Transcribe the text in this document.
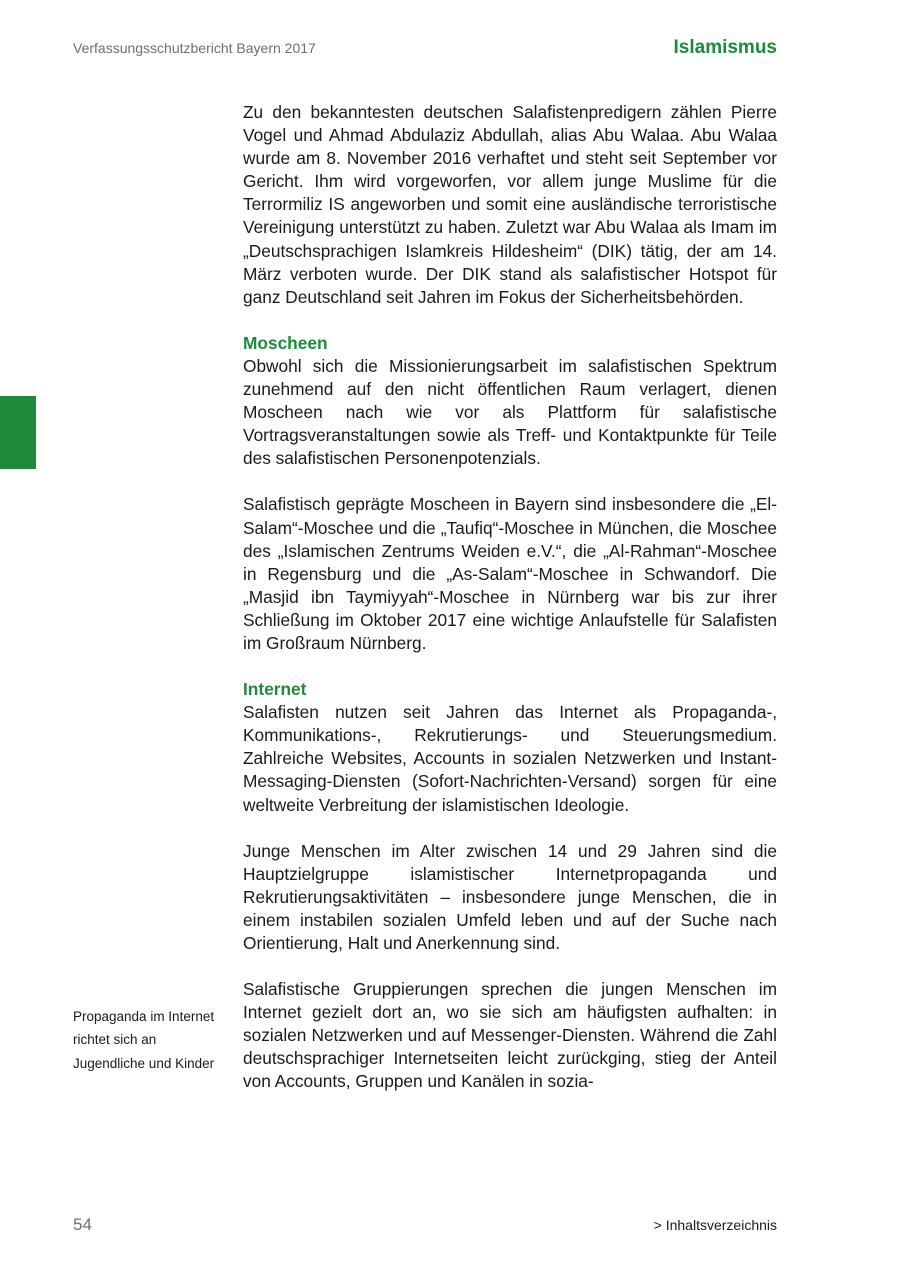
Verfassungsschutzbericht Bayern 2017	Islamismus

Zu den bekanntesten deutschen Salafistenpredigern zählen Pierre Vogel und Ahmad Abdulaziz Abdullah, alias Abu Walaa. Abu Walaa wurde am 8. November 2016 verhaftet und steht seit September vor Gericht. Ihm wird vorgeworfen, vor allem junge Muslime für die Terrormiliz IS angeworben und somit eine ausländische terroristische Vereinigung unterstützt zu haben. Zuletzt war Abu Walaa als Imam im „Deutschsprachigen Islamkreis Hildesheim“ (DIK) tätig, der am 14. März verboten wurde. Der DIK stand als salafistischer Hotspot für ganz Deutschland seit Jahren im Fokus der Sicherheitsbehörden.

Moscheen

Obwohl sich die Missionierungsarbeit im salafistischen Spektrum zunehmend auf den nicht öffentlichen Raum verlagert, dienen Moscheen nach wie vor als Plattform für salafistische Vortragsveranstaltungen sowie als Treff- und Kontaktpunkte für Teile des salafistischen Personenpotenzials.

Salafistisch geprägte Moscheen in Bayern sind insbesondere die „El-Salam“-Moschee und die „Taufiq“-Moschee in München, die Moschee des „Islamischen Zentrums Weiden e.V.“, die „Al-Rahman“-Moschee in Regensburg und die „As-Salam“-Moschee in Schwandorf. Die „Masjid ibn Taymiyyah“-Moschee in Nürnberg war bis zur ihrer Schließung im Oktober 2017 eine wichtige Anlaufstelle für Salafisten im Großraum Nürnberg.

Internet

Salafisten nutzen seit Jahren das Internet als Propaganda-, Kommunikations-, Rekrutierungs- und Steuerungsmedium. Zahlreiche Websites, Accounts in sozialen Netzwerken und Instant-Messaging-Diensten (Sofort-Nachrichten-Versand) sorgen für eine weltweite Verbreitung der islamistischen Ideologie.

Junge Menschen im Alter zwischen 14 und 29 Jahren sind die Hauptzielgruppe islamistischer Internetpropaganda und Rekrutierungsaktivitäten – insbesondere junge Menschen, die in einem instabilen sozialen Umfeld leben und auf der Suche nach Orientierung, Halt und Anerkennung sind.

Salafistische Gruppierungen sprechen die jungen Menschen im Internet gezielt dort an, wo sie sich am häufigsten aufhalten: in sozialen Netzwerken und auf Messenger-Diensten. Während die Zahl deutschsprachiger Internetseiten leicht zurückging, stieg der Anteil von Accounts, Gruppen und Kanälen in sozia-

Propaganda im Internet richtet sich an Jugendliche und Kinder
54	> Inhaltsverzeichnis
